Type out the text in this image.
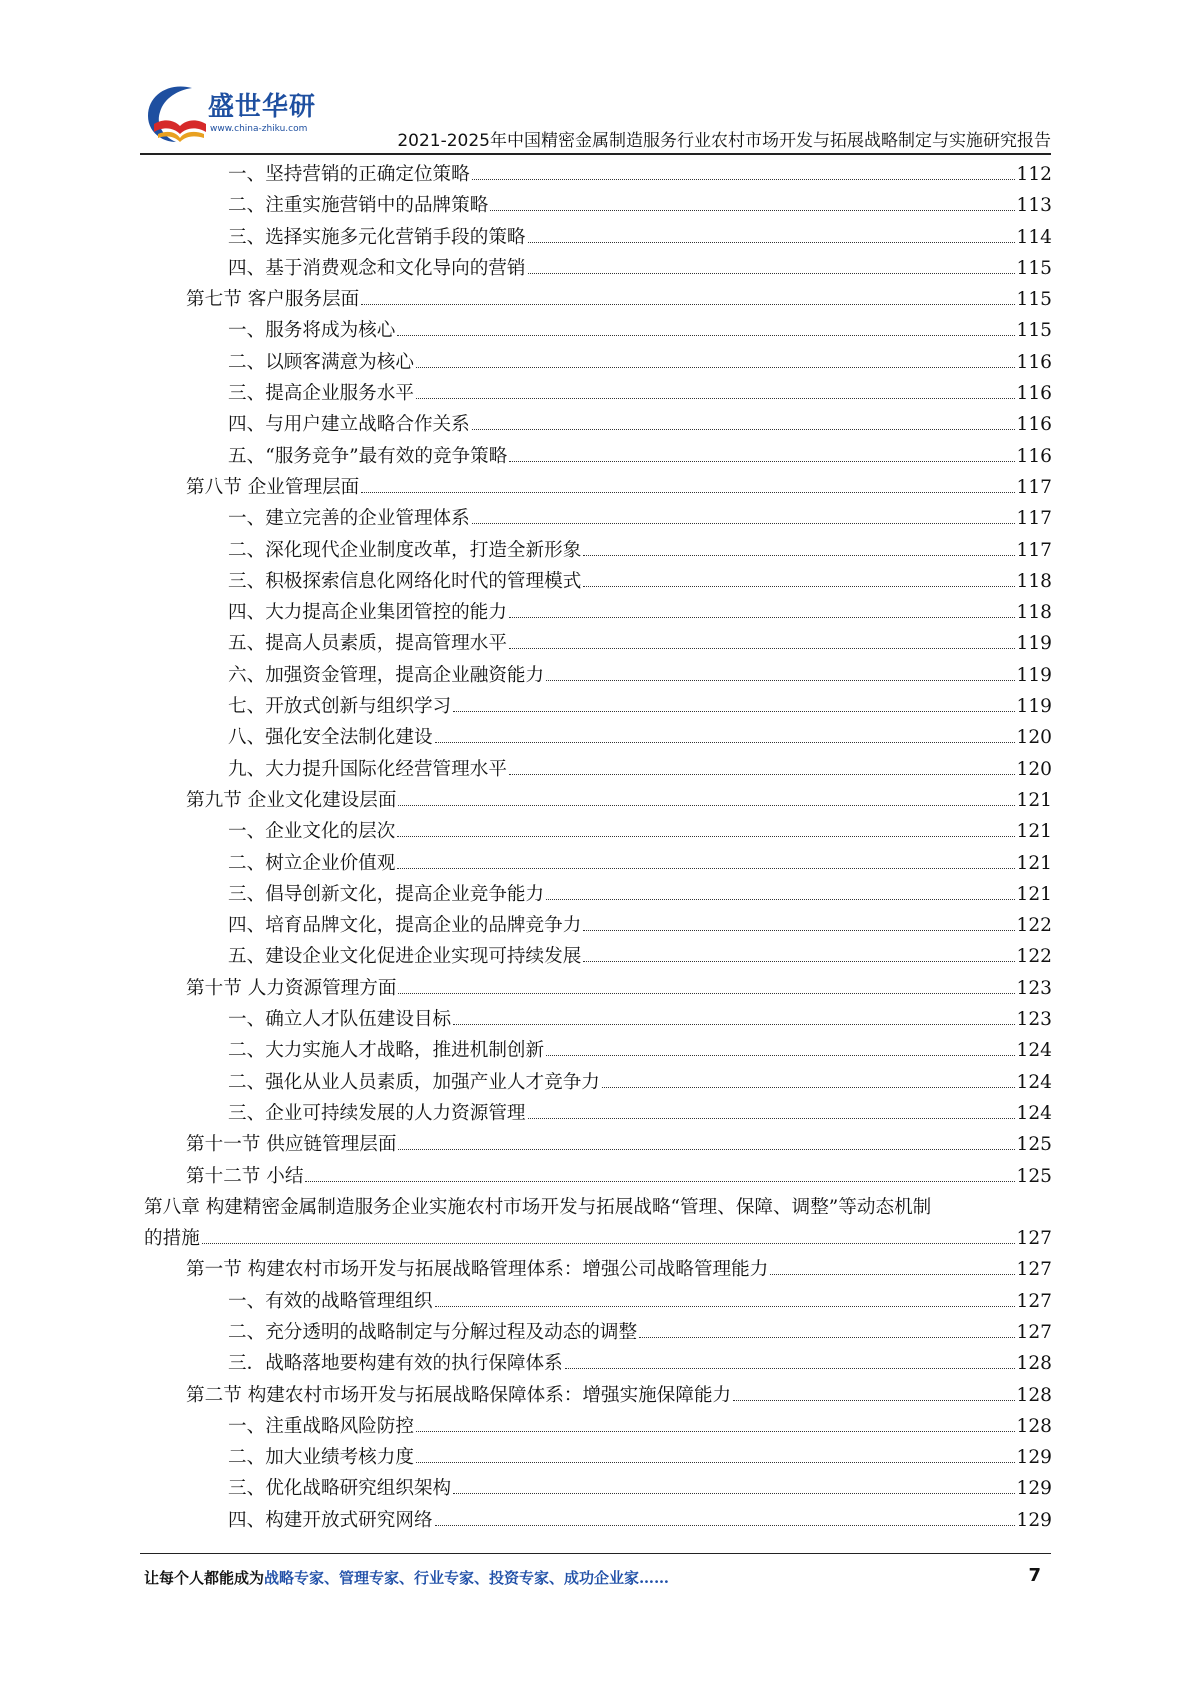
盛世华研
www.china-zhiku.com
2021-2025年中国精密金属制造服务行业农村市场开发与拓展战略制定与实施研究报告
一、坚持营销的正确定位策略	112
二、注重实施营销中的品牌策略	113
三、选择实施多元化营销手段的策略	114
四、基于消费观念和文化导向的营销	115
第七节 客户服务层面	115
一、服务将成为核心	115
二、以顾客满意为核心	116
三、提高企业服务水平	116
四、与用户建立战略合作关系	116
五、“服务竞争”最有效的竞争策略	116
第八节 企业管理层面	117
一、建立完善的企业管理体系	117
二、深化现代企业制度改革，打造全新形象	117
三、积极探索信息化网络化时代的管理模式	118
四、大力提高企业集团管控的能力	118
五、提高人员素质，提高管理水平	119
六、加强资金管理，提高企业融资能力	119
七、开放式创新与组织学习	119
八、强化安全法制化建设	120
九、大力提升国际化经营管理水平	120
第九节 企业文化建设层面	121
一、企业文化的层次	121
二、树立企业价值观	121
三、倡导创新文化，提高企业竞争能力	121
四、培育品牌文化，提高企业的品牌竞争力	122
五、建设企业文化促进企业实现可持续发展	122
第十节 人力资源管理方面	123
一、确立人才队伍建设目标	123
二、大力实施人才战略，推进机制创新	124
二、强化从业人员素质，加强产业人才竞争力	124
三、企业可持续发展的人力资源管理	124
第十一节 供应链管理层面	125
第十二节 小结	125
第八章 构建精密金属制造服务企业实施农村市场开发与拓展战略“管理、保障、调整”等动态机制
的措施	127
第一节 构建农村市场开发与拓展战略管理体系：增强公司战略管理能力	127
一、有效的战略管理组织	127
二、充分透明的战略制定与分解过程及动态的调整	127
三．战略落地要构建有效的执行保障体系	128
第二节 构建农村市场开发与拓展战略保障体系：增强实施保障能力	128
一、注重战略风险防控	128
二、加大业绩考核力度	129
三、优化战略研究组织架构	129
四、构建开放式研究网络	129
让每个人都能成为战略专家、管理专家、行业专家、投资专家、成功企业家……	7
